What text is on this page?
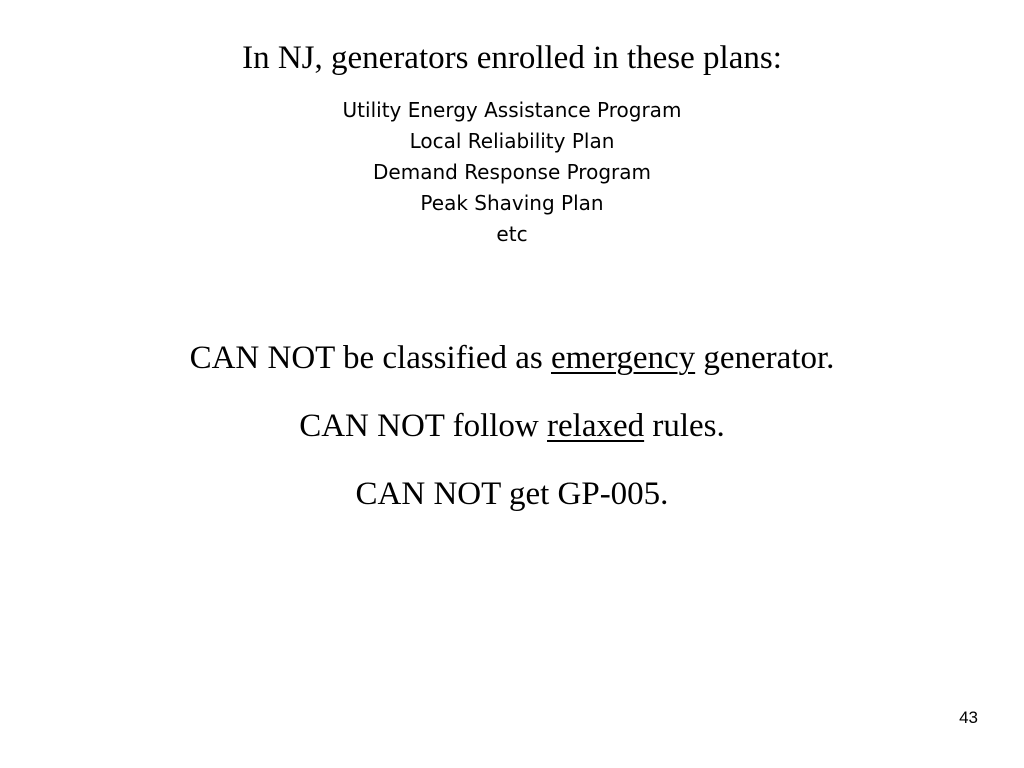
In NJ, generators enrolled in these plans:
Utility Energy Assistance Program
Local Reliability Plan
Demand Response Program
Peak Shaving Plan
etc

CAN NOT be classified as emergency generator.

CAN NOT follow relaxed rules.

CAN NOT get GP-005.

43
